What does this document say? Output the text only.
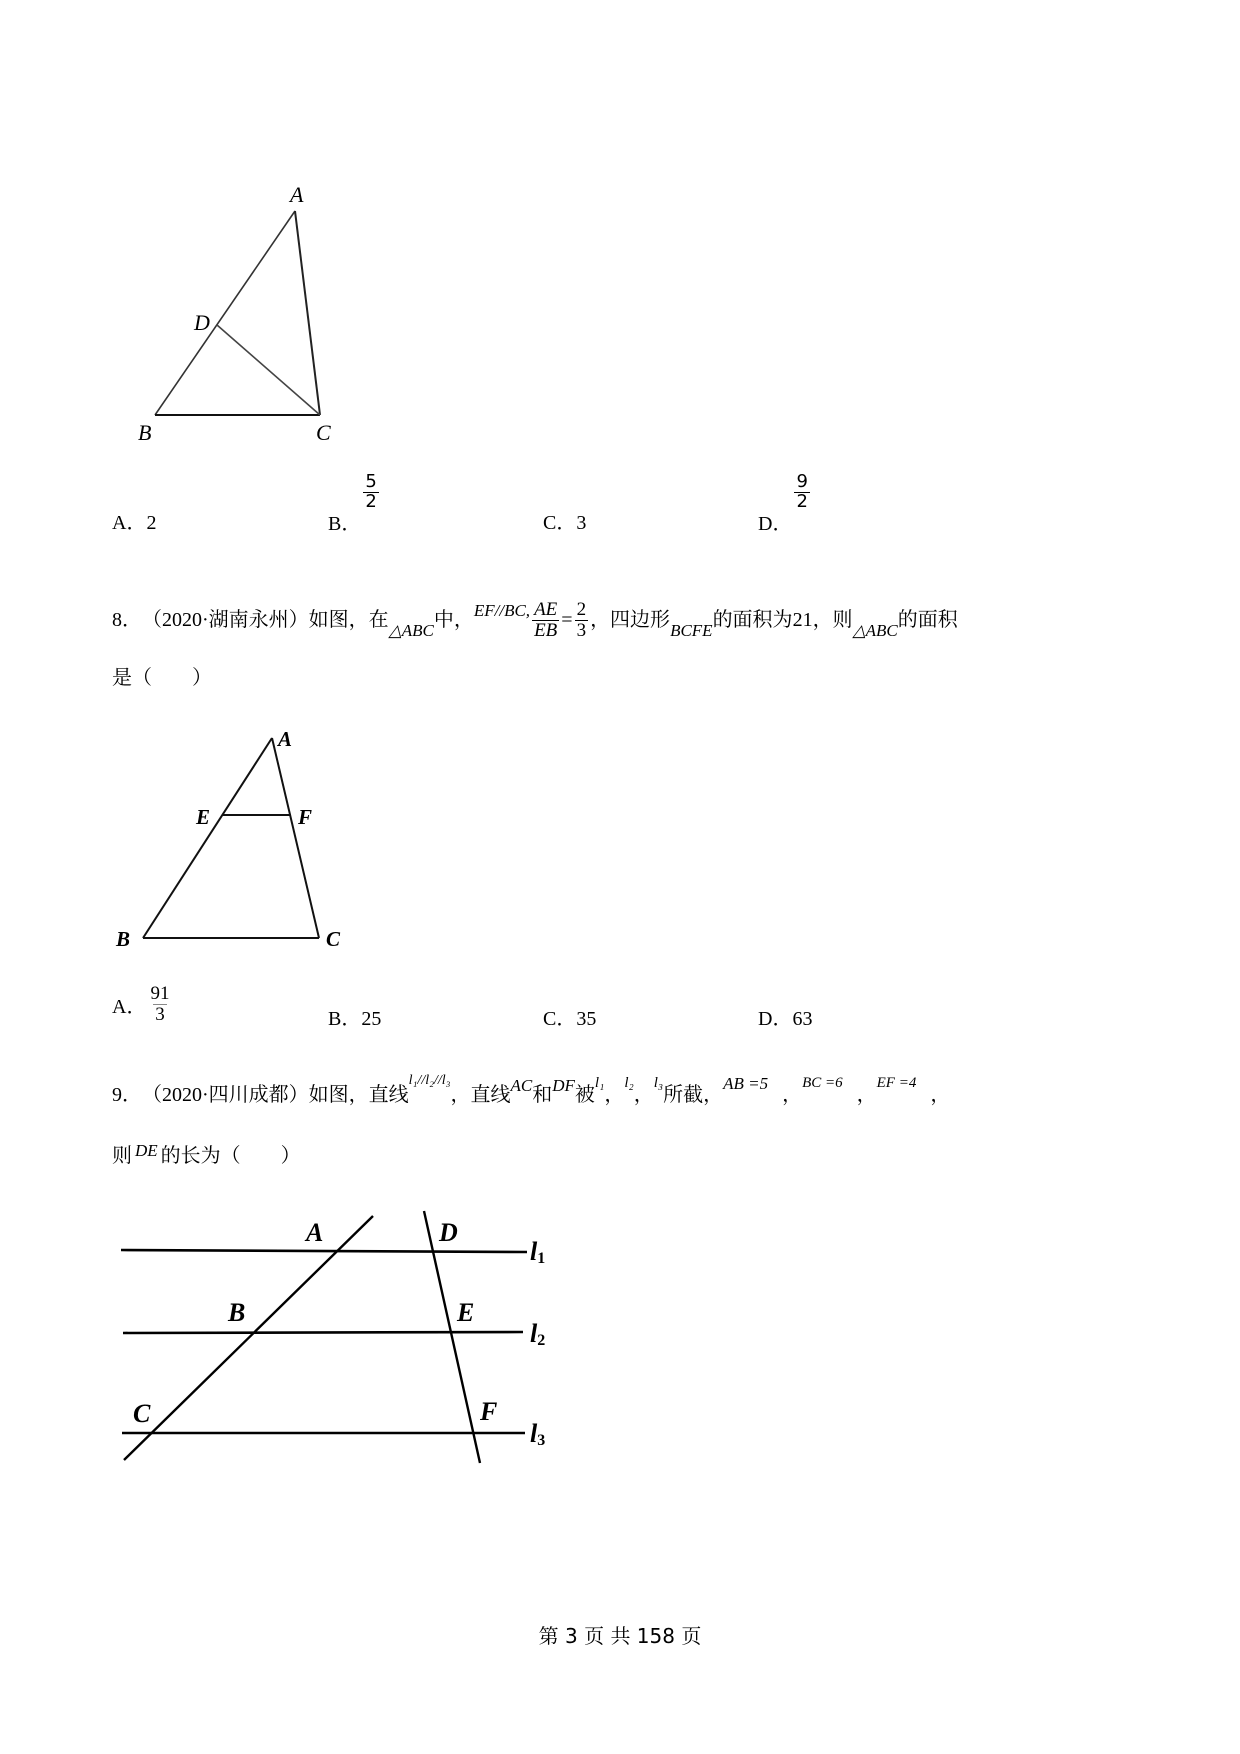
A
D
B	C
A．2	B．
$\frac{5}{2}$
C．3	D．
$\frac{9}{2}$
8． （2020·湖南永州） 如图，在 △ABC 中， EF//BC, $\frac{AE}{EB} = \frac{2}{3}$ ，四边形 BCFE 的面积为 21 ，则 △ABC 的面积
是（　　）
A
E	F
B	C
A． $\frac{91}{3}$	B．25	C．35	D．63
9． （2020·四川成都） 如图，直线
l₁//l₂//l₃
，直线 AC 和 DF 被
l₁
，
l₂
，
l₃
所截，
AB =5
，
BC =6
，
EF =4
，
则 DE 的长为（　　）
A	D
B	E
C	F
l1
l2
l3
第 3 页 共 158 页
